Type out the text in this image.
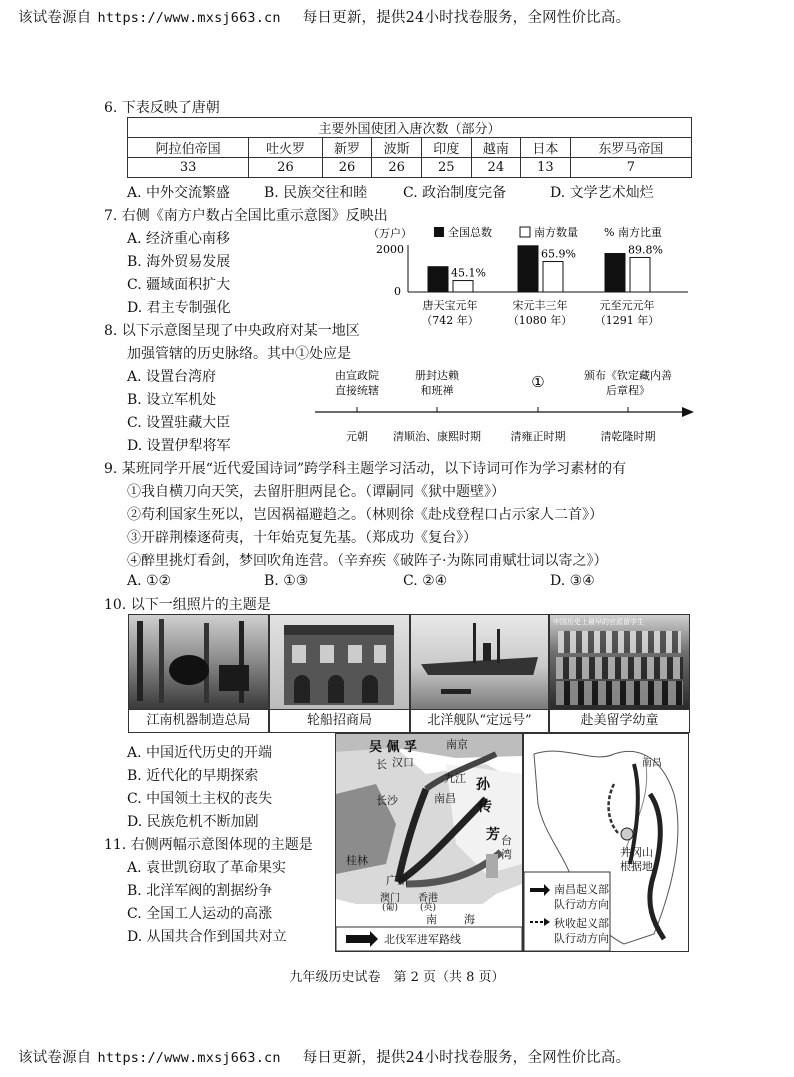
该试卷源自 https://www.mxsj663.cn 每日更新，提供24小时找卷服务，全网性价比高。
6. 下表反映了唐朝
主要外国使团入唐次数（部分）							
阿拉伯帝国	吐火罗	新罗	波斯	印度	越南	日本	东罗马帝国
33	26	26	26	25	24	13	7
A. 中外交流繁盛 B. 民族交往和睦	C. 政治制度完备	D. 文学艺术灿烂
7. 右侧《南方户数占全国比重示意图》反映出
A. 经济重心南移
B. 海外贸易发展
C. 疆域面积扩大
D. 君主专制强化
（万户）	全国总数	南方数量 % 南方比重
2000
0
45.1%
唐天宝元年
（742 年）
65.9%
宋元丰三年
（1080 年）
89.8%
元至元元年
（1291 年）
8. 以下示意图呈现了中央政府对某一地区
加强管辖的历史脉络。其中①处应是
A. 设置台湾府
B. 设立军机处
C. 设置驻藏大臣
D. 设置伊犁将军
由宣政院
直接统辖
册封达赖
和班禅	①	颁布《钦定藏内善
后章程》
元朝 清顺治、康熙时期	清雍正时期	清乾隆时期
9. 某班同学开展“近代爱国诗词”跨学科主题学习活动，以下诗词可作为学习素材的有
①我自横刀向天笑，去留肝胆两昆仑。（谭嗣同《狱中题壁》）
②苟利国家生死以，岂因祸福避趋之。（林则徐《赴戍登程口占示家人二首》）
③开辟荆榛逐荷夷，十年始克复先基。（郑成功《复台》）
④醉里挑灯看剑，梦回吹角连营。（辛弃疾《破阵子·为陈同甫赋壮词以寄之》）
A. ①②	B. ①③	C. ②④	D. ③④
10. 以下一组照片的主题是
中国历史上最早的官派留学生
江南机器制造总局	轮船招商局	北洋舰队“定远号”	赴美留学幼童
A. 中国近代历史的开端
B. 近代化的早期探索
C. 中国领土主权的丧失
D. 民族危机不断加剧
11. 右侧两幅示意图体现的主题是
A. 袁世凯窃取了革命果实
B. 北洋军阀的割据纷争
C. 全国工人运动的高涨
D. 从国共合作到国共对立
吴 佩 孚	南京
长 汉口
九江 孙
传
芳
长沙	南昌
桂林
广州
澳门 香港
(葡) (英)
台
湾
南 海
北伐军进军路线
南昌
井冈山
根据地
南昌起义部
队行动方向
秋收起义部
队行动方向
九年级历史试卷　第 2 页（共 8 页）
该试卷源自 https://www.mxsj663.cn 每日更新，提供24小时找卷服务，全网性价比高。
